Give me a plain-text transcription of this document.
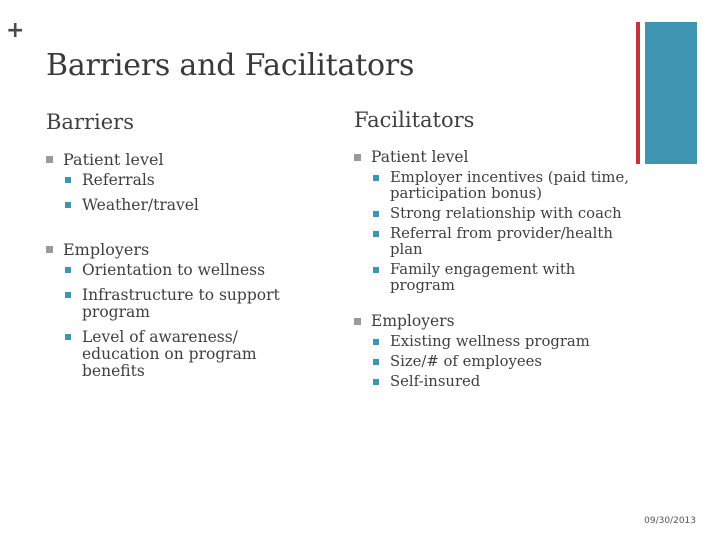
+
Barriers and Facilitators
Barriers
Patient level
Referrals
Weather/travel
Employers
Orientation to wellness
Infrastructure to support program
Level of awareness/ education on program benefits
Facilitators
Patient level
Employer incentives (paid time, participation bonus)
Strong relationship with coach
Referral from provider/health plan
Family engagement with program
Employers
Existing wellness program
Size/# of employees
Self-insured
09/30/2013
